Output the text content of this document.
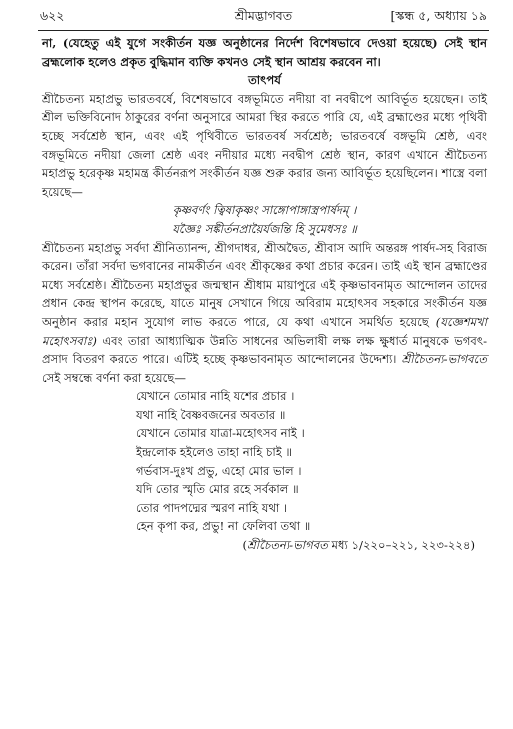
৬২২	শ্রীমদ্ভাগবত	[স্কন্ধ ৫, অধ্যায় ১৯

না, (যেহেতু এই যুগে সংকীর্তন যজ্ঞ অনুষ্ঠানের নির্দেশ বিশেষভাবে দেওয়া হয়েছে) সেই স্থান ব্রহ্মলোক হলেও প্রকৃত বুদ্ধিমান ব্যক্তি কখনও সেই স্থান আশ্রয় করবেন না।

তাৎপর্য

শ্রীচৈতন্য মহাপ্রভু ভারতবর্ষে, বিশেষভাবে বঙ্গভূমিতে নদীয়া বা নবদ্বীপে আবির্ভূত হয়েছেন। তাই শ্রীল ভক্তিবিনোদ ঠাকুরের বর্ণনা অনুসারে আমরা স্থির করতে পারি যে, এই ব্রহ্মাণ্ডের মধ্যে পৃথিবী হচ্ছে সর্বশ্রেষ্ঠ স্থান, এবং এই পৃথিবীতে ভারতবর্ষ সর্বশ্রেষ্ঠ; ভারতবর্ষে বঙ্গভূমি শ্রেষ্ঠ, এবং বঙ্গভূমিতে নদীয়া জেলা শ্রেষ্ঠ এবং নদীয়ার মধ্যে নবদ্বীপ শ্রেষ্ঠ স্থান, কারণ এখানে শ্রীচৈতন্য মহাপ্রভু হরেকৃষ্ণ মহামন্ত্র কীর্তনরূপ সংকীর্তন যজ্ঞ শুরু করার জন্য আবির্ভূত হয়েছিলেন। শাস্ত্রে বলা হয়েছে—

কৃষ্ণবর্ণং ত্বিষাকৃষ্ণং সাঙ্গোপাঙ্গাস্ত্রপার্ষদম্ ।
যজ্ঞৈঃ সঙ্কীর্তনপ্রায়ৈর্যজন্তি হি সুমেধসঃ ॥

শ্রীচৈতন্য মহাপ্রভু সর্বদা শ্রীনিত্যানন্দ, শ্রীগদাধর, শ্রীঅদ্বৈত, শ্রীবাস আদি অন্তরঙ্গ পার্ষদ-সহ বিরাজ করেন। তাঁরা সর্বদা ভগবানের নামকীর্তন এবং শ্রীকৃষ্ণের কথা প্রচার করেন। তাই এই স্থান ব্রহ্মাণ্ডের মধ্যে সর্বশ্রেষ্ঠ। শ্রীচৈতন্য মহাপ্রভুর জন্মস্থান শ্রীধাম মায়াপুরে এই কৃষ্ণভাবনামৃত আন্দোলন তাদের প্রধান কেন্দ্র স্থাপন করেছে, যাতে মানুষ সেখানে গিয়ে অবিরাম মহোৎসব সহকারে সংকীর্তন যজ্ঞ অনুষ্ঠান করার মহান সুযোগ লাভ করতে পারে, যে কথা এখানে সমর্থিত হয়েছে (যজ্ঞেশমখা মহোৎসবাঃ) এবং তারা আধ্যাত্মিক উন্নতি সাধনের অভিলাষী লক্ষ লক্ষ ক্ষুধার্ত মানুষকে ভগবৎ-প্রসাদ বিতরণ করতে পারে। এটিই হচ্ছে কৃষ্ণভাবনামৃত আন্দোলনের উদ্দেশ্য। শ্রীচৈতন্য-ভাগবতে সেই সম্বন্ধে বর্ণনা করা হয়েছে—

যেখানে তোমার নাহি যশের প্রচার ।
যথা নাহি বৈষ্ণবজনের অবতার ॥
যেখানে তোমার যাত্রা-মহোৎসব নাই ।
ইন্দ্রলোক হইলেও তাহা নাহি চাই ॥
গর্ভবাস-দুঃখ প্রভু, এহো মোর ভাল ।
যদি তোর স্মৃতি মোর রহে সর্বকাল ॥
তোর পাদপদ্মের স্মরণ নাহি যথা ।
হেন কৃপা কর, প্রভু! না ফেলিবা তথা ॥

(শ্রীচৈতন্য-ভাগবত মধ্য ১/২২০–২২১, ২২৩-২২৪)
